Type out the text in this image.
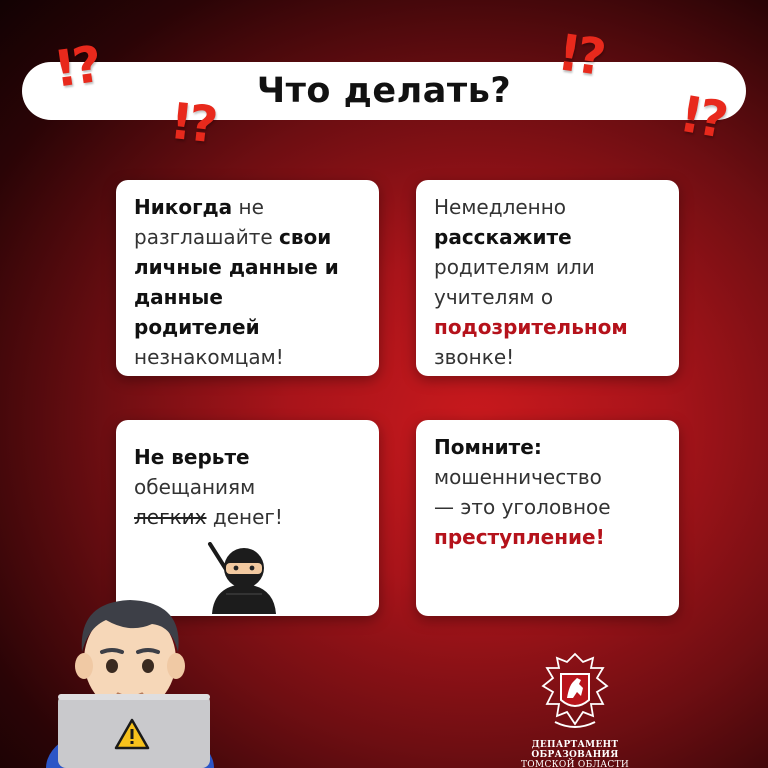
Что делать?
!?
!?
!?
!?
Никогда не
разглашайте свои
личные данные и
данные
родителей
незнакомцам!
Немедленно
расскажите
родителям или
учителям о
подозрительном
звонке!
Не верьте
обещаниям
легких денег!
Помните:
мошенничество
— это уголовное
преступление!
ДЕПАРТАМЕНТ ОБРАЗОВАНИЯ
ТОМСКОЙ ОБЛАСТИ
